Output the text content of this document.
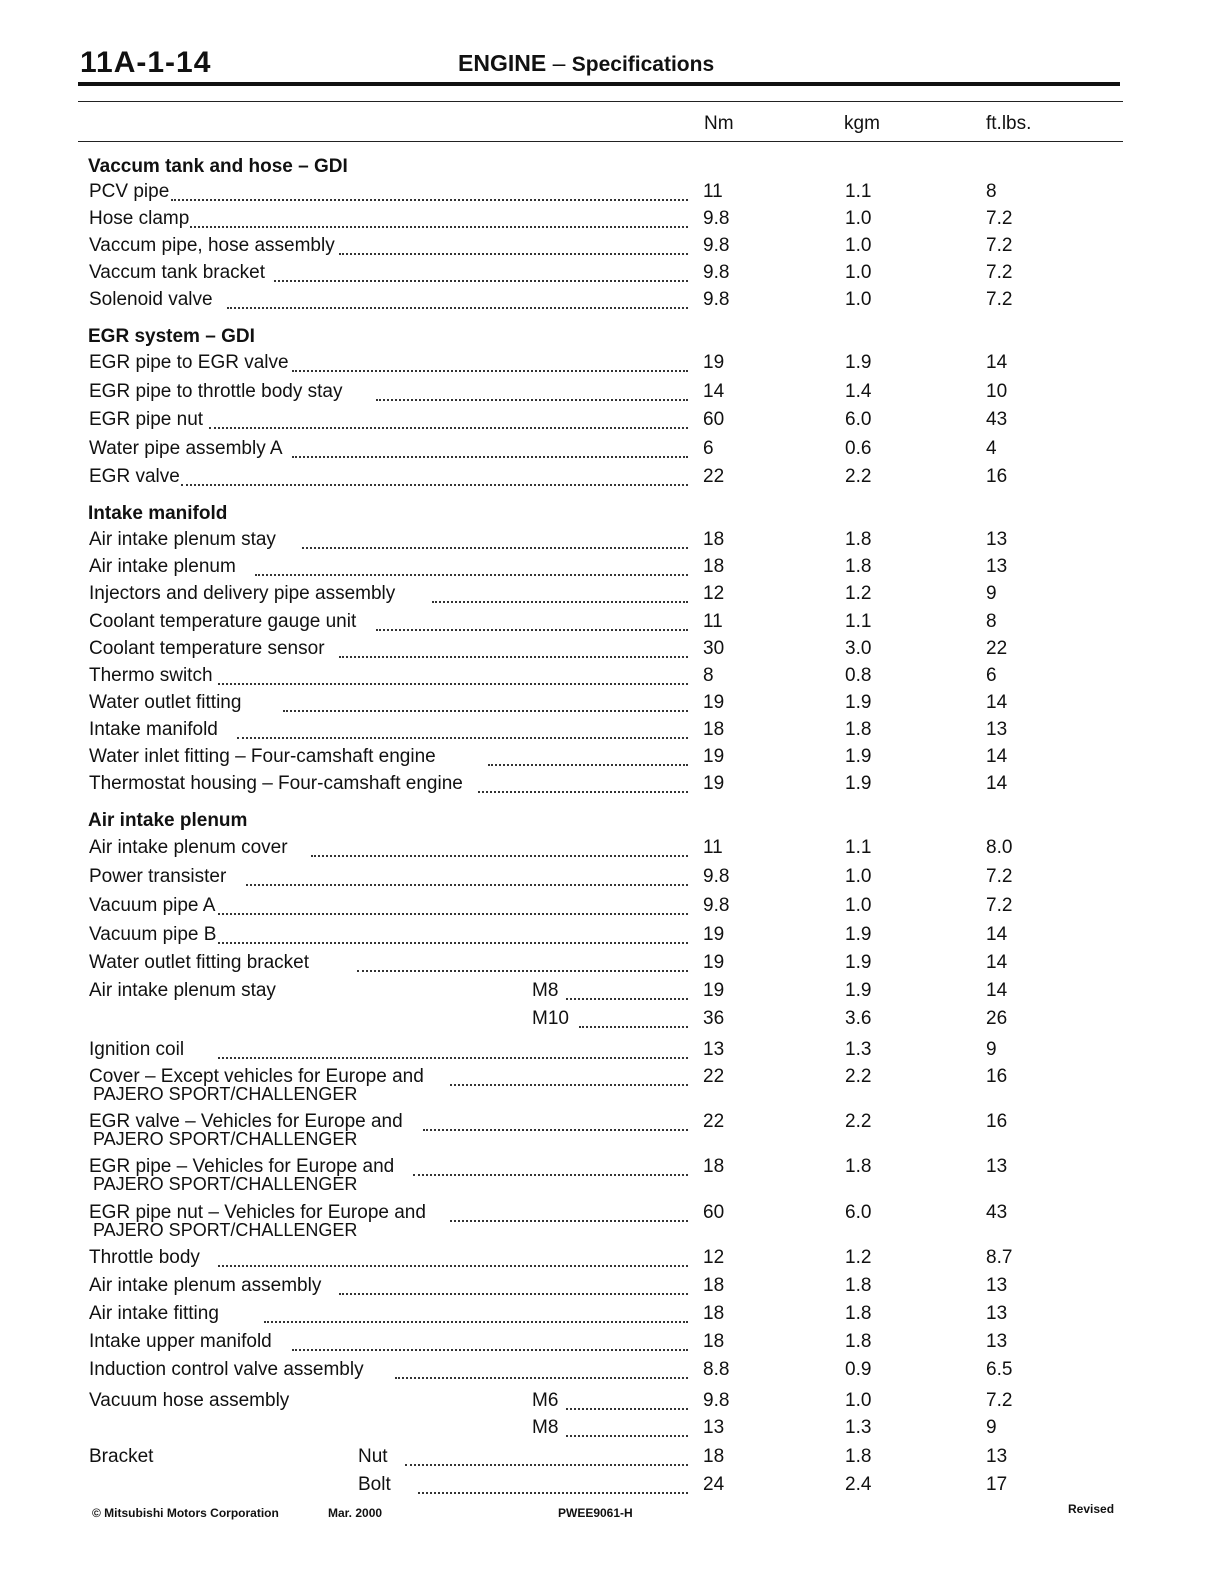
11A-1-14	ENGINE – Specifications
Nm	kgm	ft.lbs.
Vaccum tank and hose – GDI
PCV pipe	11	1.1	8
Hose clamp	9.8	1.0	7.2
Vaccum pipe, hose assembly	9.8	1.0	7.2
Vaccum tank bracket	9.8	1.0	7.2
Solenoid valve	9.8	1.0	7.2
EGR system – GDI
EGR pipe to EGR valve	19	1.9	14
EGR pipe to throttle body stay	14	1.4	10
EGR pipe nut	60	6.0	43
Water pipe assembly A	6	0.6	4
EGR valve	22	2.2	16
Intake manifold
Air intake plenum stay	18	1.8	13
Air intake plenum	18	1.8	13
Injectors and delivery pipe assembly	12	1.2	9
Coolant temperature gauge unit	11	1.1	8
Coolant temperature sensor	30	3.0	22
Thermo switch	8	0.8	6
Water outlet fitting	19	1.9	14
Intake manifold	18	1.8	13
Water inlet fitting – Four-camshaft engine	19	1.9	14
Thermostat housing – Four-camshaft engine	19	1.9	14
Air intake plenum
Air intake plenum cover	11	1.1	8.0
Power transister	9.8	1.0	7.2
Vacuum pipe A	9.8	1.0	7.2
Vacuum pipe B	19	1.9	14
Water outlet fitting bracket	19	1.9	14
Air intake plenum stay	M8	19	1.9	14
M10	36	3.6	26
Ignition coil	13	1.3	9
Cover – Except vehicles for Europe and
PAJERO SPORT/CHALLENGER
22	2.2	16
EGR valve – Vehicles for Europe and
PAJERO SPORT/CHALLENGER
22	2.2	16
EGR pipe – Vehicles for Europe and
PAJERO SPORT/CHALLENGER
18	1.8	13
EGR pipe nut – Vehicles for Europe and
PAJERO SPORT/CHALLENGER
60	6.0	43
Throttle body	12	1.2	8.7
Air intake plenum assembly	18	1.8	13
Air intake fitting	18	1.8	13
Intake upper manifold	18	1.8	13
Induction control valve assembly	8.8	0.9	6.5
Vacuum hose assembly	M6	9.8	1.0	7.2
M8	13	1.3	9
Bracket	Nut	18	1.8	13
Bolt	24	2.4	17
© Mitsubishi Motors Corporation	Mar. 2000	PWEE9061-H	Revised
